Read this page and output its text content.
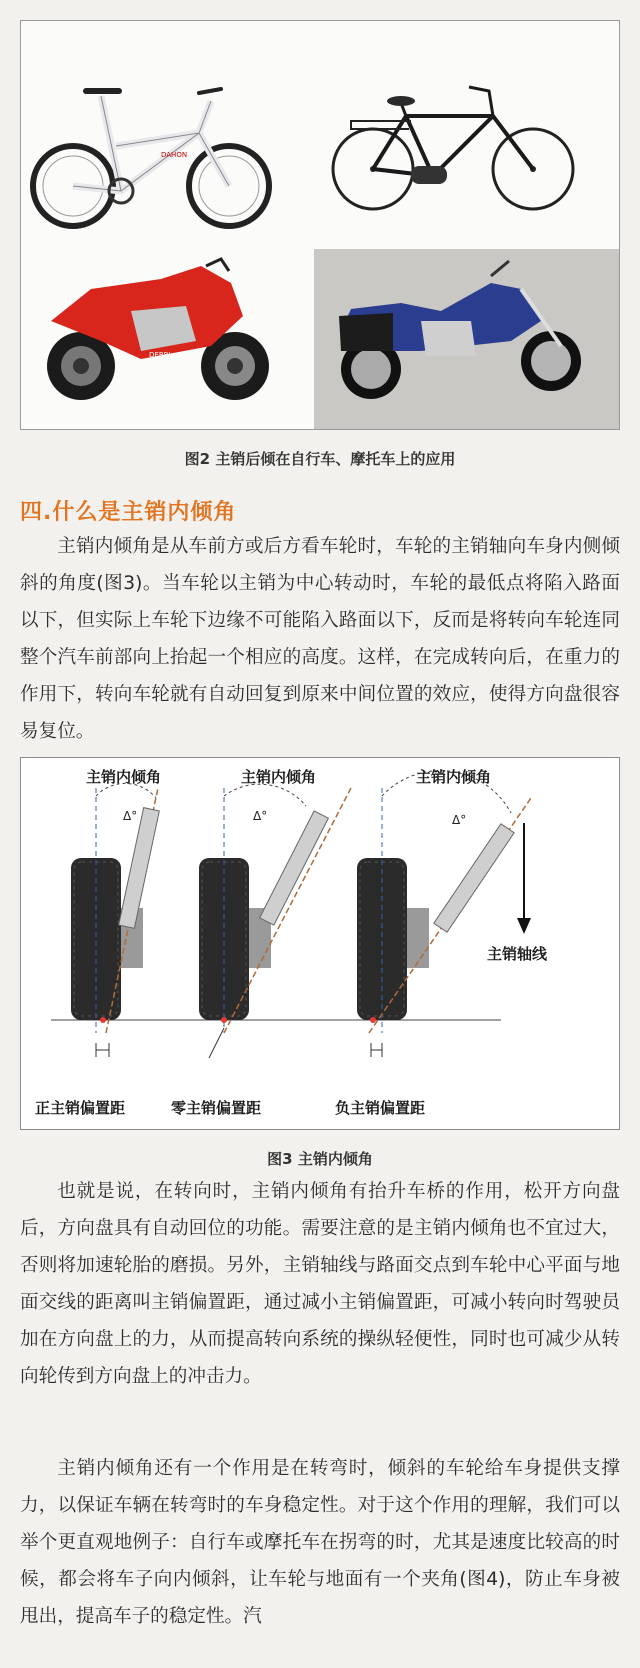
DAHON
DERBI
图2 主销后倾在自行车、摩托车上的应用
四.什么是主销内倾角

主销内倾角是从车前方或后方看车轮时，车轮的主销轴向车身内侧倾斜的角度(图3)。当车轮以主销为中心转动时，车轮的最低点将陷入路面以下，但实际上车轮下边缘不可能陷入路面以下，反而是将转向车轮连同整个汽车前部向上抬起一个相应的高度。这样，在完成转向后，在重力的作用下，转向车轮就有自动回复到原来中间位置的效应，使得方向盘很容易复位。

Δ°	Δ°	Δ°
主销内倾角	主销内倾角	主销内倾角
主销轴线
正主销偏置距	零主销偏置距	负主销偏置距
图3 主销内倾角

也就是说，在转向时，主销内倾角有抬升车桥的作用，松开方向盘后，方向盘具有自动回位的功能。需要注意的是主销内倾角也不宜过大，否则将加速轮胎的磨损。另外，主销轴线与路面交点到车轮中心平面与地面交线的距离叫主销偏置距，通过减小主销偏置距，可减小转向时驾驶员加在方向盘上的力，从而提高转向系统的操纵轻便性，同时也可减少从转向轮传到方向盘上的冲击力。

主销内倾角还有一个作用是在转弯时，倾斜的车轮给车身提供支撑力，以保证车辆在转弯时的车身稳定性。对于这个作用的理解，我们可以举个更直观地例子：自行车或摩托车在拐弯的时，尤其是速度比较高的时候，都会将车子向内倾斜，让车轮与地面有一个夹角(图4)，防止车身被甩出，提高车子的稳定性。汽
